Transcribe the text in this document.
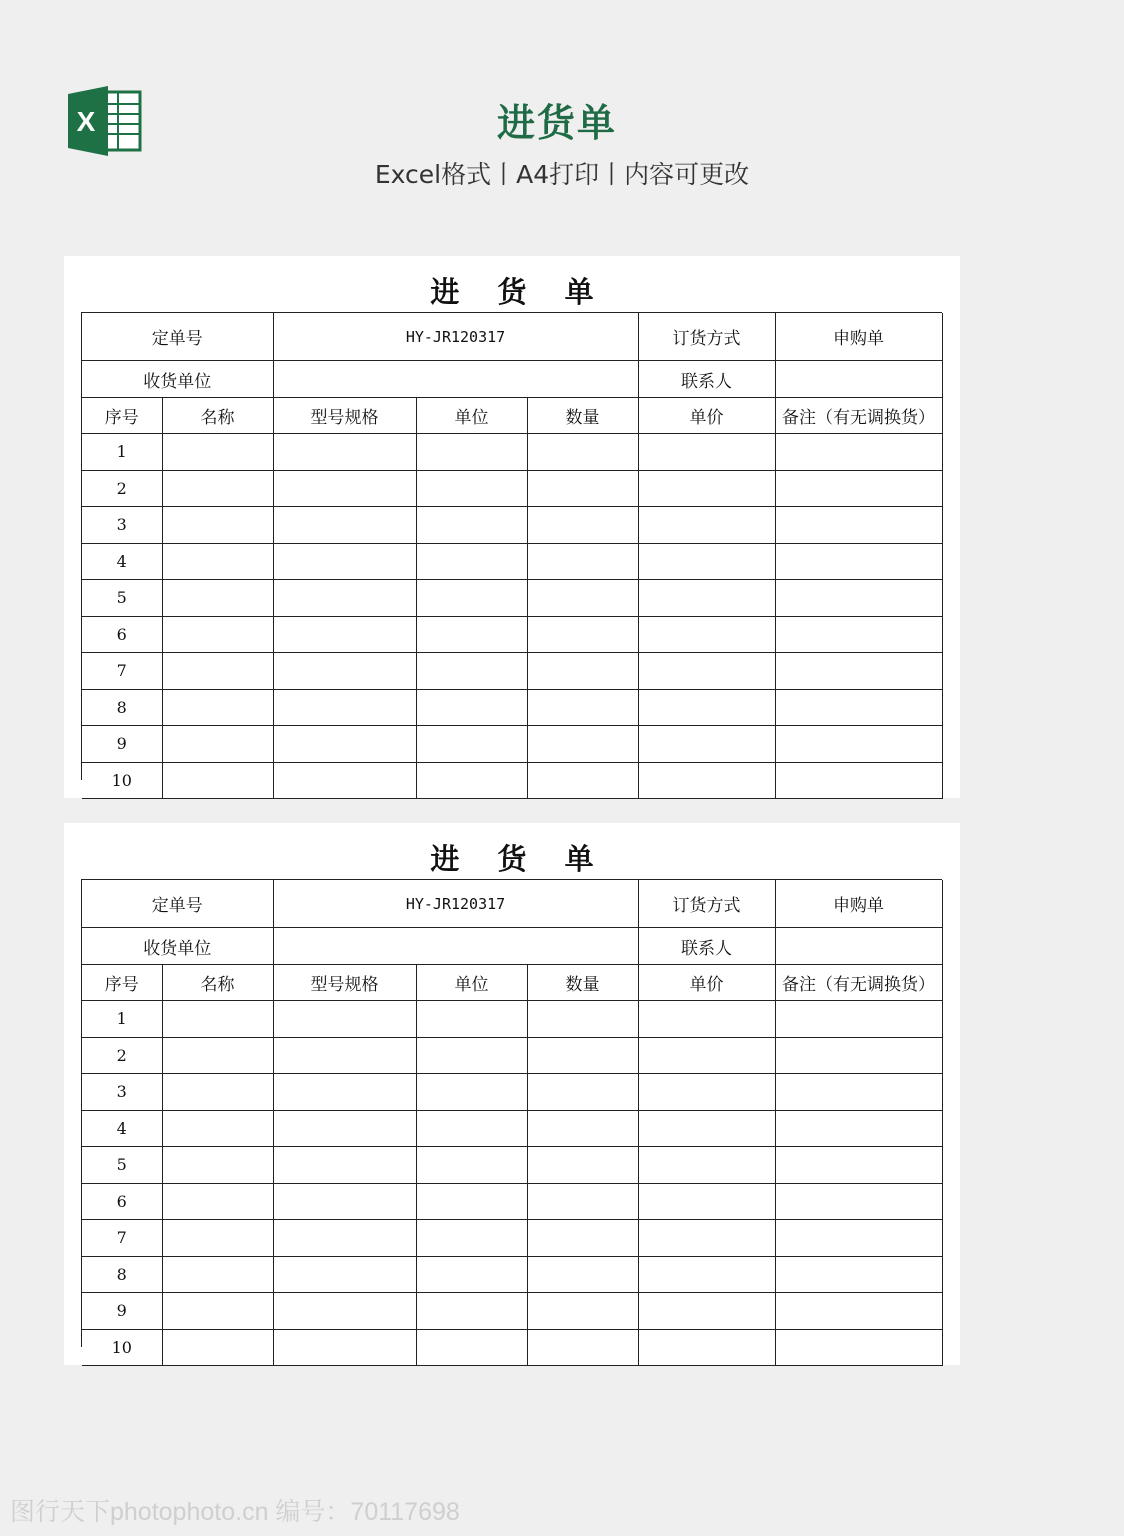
X	进货单
Excel格式丨A4打印丨内容可更改
进 货 单
定单号		HY-JR120317			订货方式	申购单
收货单位					联系人	
序号	名称	型号规格	单位	数量	单价	备注（有无调换货）
1						
2						
3						
4						
5						
6						
7						
8						
9						
10						
进 货 单
定单号		HY-JR120317			订货方式	申购单
收货单位					联系人	
序号	名称	型号规格	单位	数量	单价	备注（有无调换货）
1						
2						
3						
4						
5						
6						
7						
8						
9						
10						
图行天下photophoto.cn 编号：70117698
